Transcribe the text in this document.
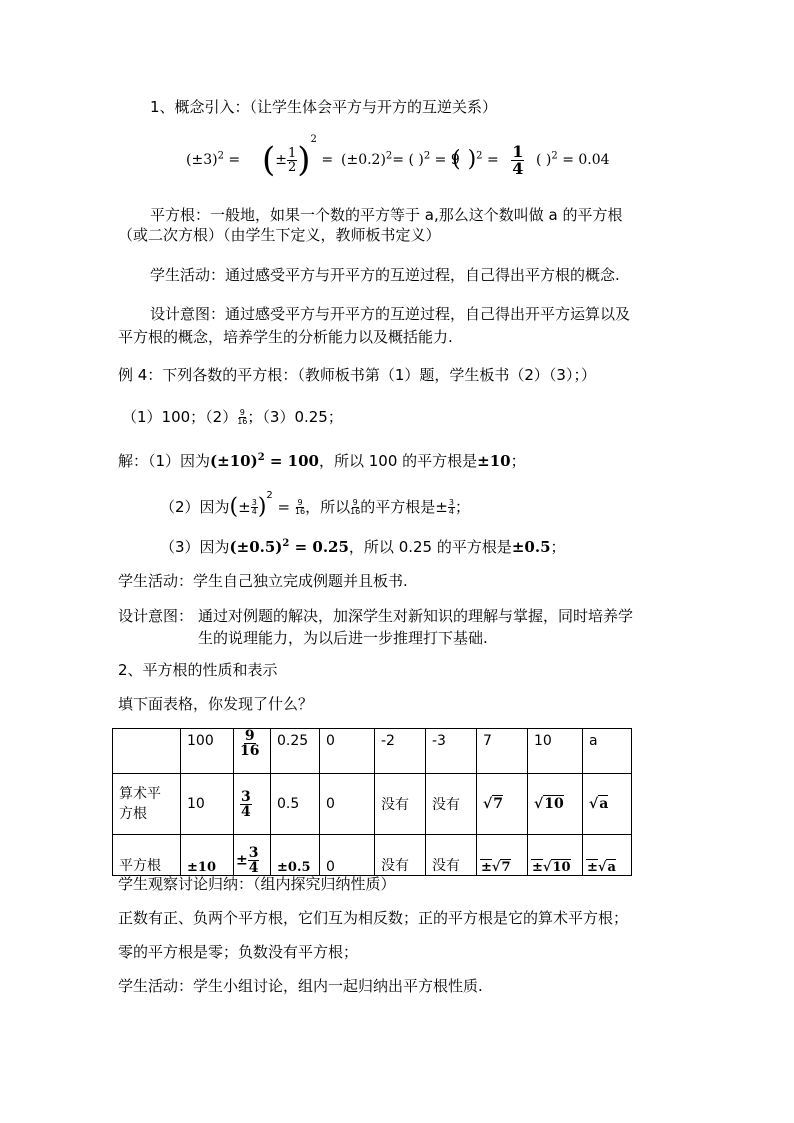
1、概念引入：（让学生体会平方与开方的互逆关系）
$(\pm 3)^2$ = (± $\frac{1}{2} )^2 = (\pm 0.2)^2=$ ( )$^2$ = 9
( )$^2 = \frac{1}{4}$ ( )$^2$ = 0.04
平方根：一般地，如果一个数的平方等于 a,那么这个数叫做 a 的平方根
（或二次方根）（由学生下定义，教师板书定义）
学生活动：通过感受平方与开平方的互逆过程，自己得出平方根的概念.
设计意图：通过感受平方与开平方的互逆过程，自己得出开平方运算以及
平方根的概念，培养学生的分析能力以及概括能力.
例 4：下列各数的平方根：（教师板书第（1）题，学生板书（2）（3）；）
（1）100；$(2) \frac{9}{16}$ ；（3）0.25；
解：（1）因为$(\pm 10)^2 = 100$，所以 100 的平方根是±10；
（2）因为(± $\frac{3}{4} )^2 = \frac{9}{16}$ ，所以 $\frac{9}{16}$ 的平方根是± $\frac{3}{4}$ ；
（3）因为$(\pm 0.5)^2 = 0.25$，所以 0.25 的平方根是±0.5；
学生活动：学生自己独立完成例题并且板书.
设计意图： 通过对例题的解决，加深学生对新知识的理解与掌握，同时培养学
生的说理能力，为以后进一步推理打下基础.
2、平方根的性质和表示
填下面表格，你发现了什么？
	100	$\frac{9}{16}$	0.25	0	-2	-3	7	10	a
算术平
方根	10	$\frac{3}{4}$	0.5	0	没有	没有	√7	√10	√a
平方根	±10	± $\frac{3}{4}$	±0.5	0	没有	没有	±√7	±√10	±√a
学生观察讨论归纳：（组内探究归纳性质）
正数有正、负两个平方根，它们互为相反数；正的平方根是它的算术平方根；
零的平方根是零；负数没有平方根；
学生活动：学生小组讨论，组内一起归纳出平方根性质.
